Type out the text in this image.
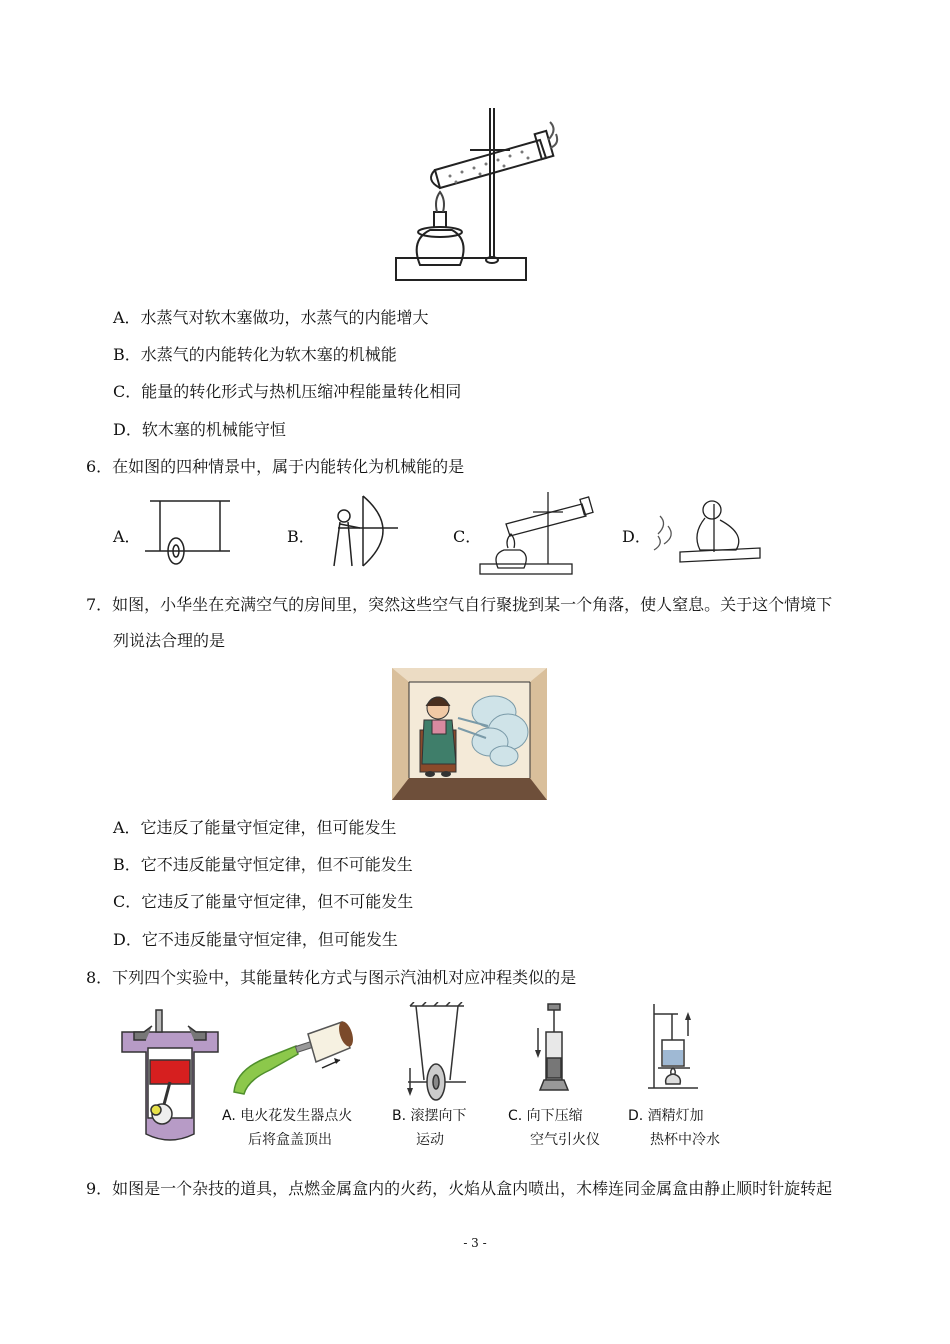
A．水蒸气对软木塞做功，水蒸气的内能增大
B．水蒸气的内能转化为软木塞的机械能
C．能量的转化形式与热机压缩冲程能量转化相同
D．软木塞的机械能守恒
6．在如图的四种情景中，属于内能转化为机械能的是
A．	B．	C．	D．
7．如图，小华坐在充满空气的房间里，突然这些空气自行聚拢到某一个角落，使人窒息。关于这个情境下
列说法合理的是
A．它违反了能量守恒定律，但可能发生
B．它不违反能量守恒定律，但不可能发生
C．它违反了能量守恒定律，但不可能发生
D．它不违反能量守恒定律，但可能发生
8．下列四个实验中，其能量转化方式与图示汽油机对应冲程类似的是
A. 电火花发生器点火
后将盒盖顶出
B. 滚摆向下
运动
C. 向下压缩
空气引火仪
D. 酒精灯加
热杯中冷水
9．如图是一个杂技的道具，点燃金属盒内的火药，火焰从盒内喷出，木棒连同金属盒由静止顺时针旋转起
- 3 -
